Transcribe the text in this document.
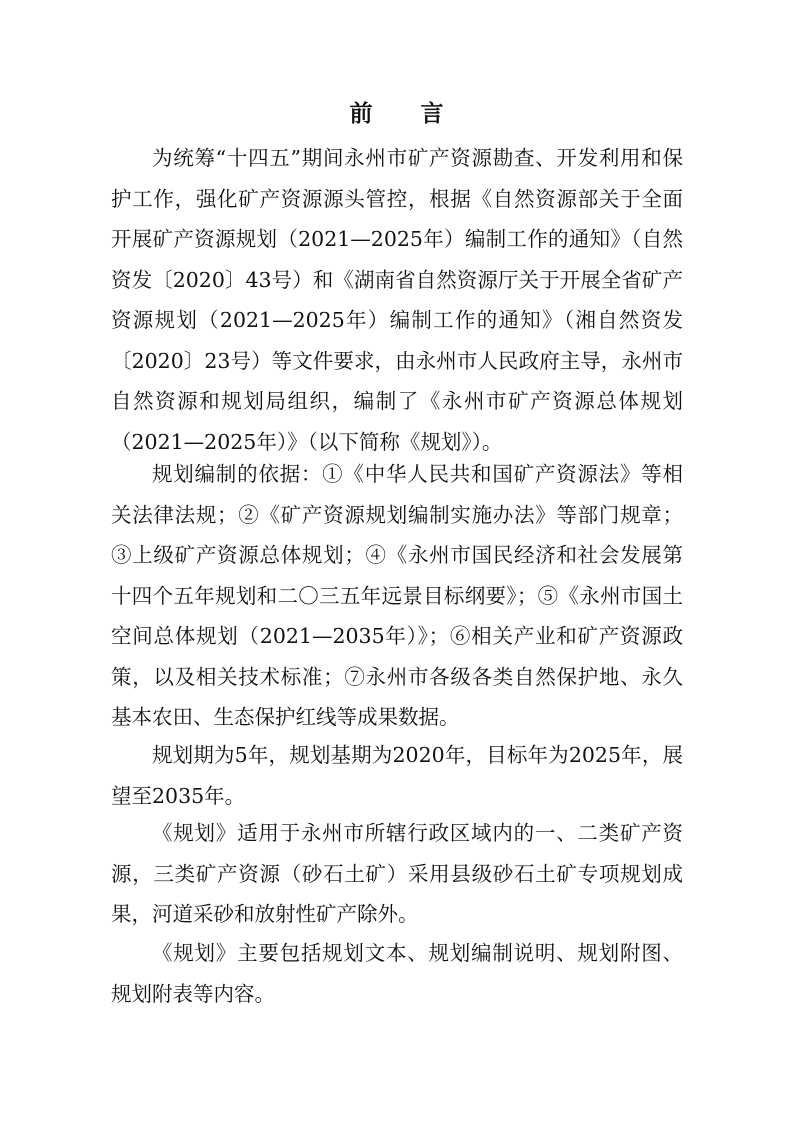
前 言

为统筹“十四五”期间永州市矿产资源勘查、开发利用和保护工作，强化矿产资源源头管控，根据《自然资源部关于全面开展矿产资源规划（2021—2025年）编制工作的通知》（自然资发〔2020〕43号）和《湖南省自然资源厅关于开展全省矿产资源规划（2021—2025年）编制工作的通知》（湘自然资发〔2020〕23号）等文件要求，由永州市人民政府主导，永州市自然资源和规划局组织，编制了《永州市矿产资源总体规划（2021—2025年）》（以下简称《规划》）。

规划编制的依据：①《中华人民共和国矿产资源法》等相关法律法规；②《矿产资源规划编制实施办法》等部门规章；③上级矿产资源总体规划；④《永州市国民经济和社会发展第十四个五年规划和二〇三五年远景目标纲要》；⑤《永州市国土空间总体规划（2021—2035年）》；⑥相关产业和矿产资源政策，以及相关技术标准；⑦永州市各级各类自然保护地、永久基本农田、生态保护红线等成果数据。

规划期为5年，规划基期为2020年，目标年为2025年，展望至2035年。

《规划》适用于永州市所辖行政区域内的一、二类矿产资源，三类矿产资源（砂石土矿）采用县级砂石土矿专项规划成果，河道采砂和放射性矿产除外。

《规划》主要包括规划文本、规划编制说明、规划附图、规划附表等内容。
